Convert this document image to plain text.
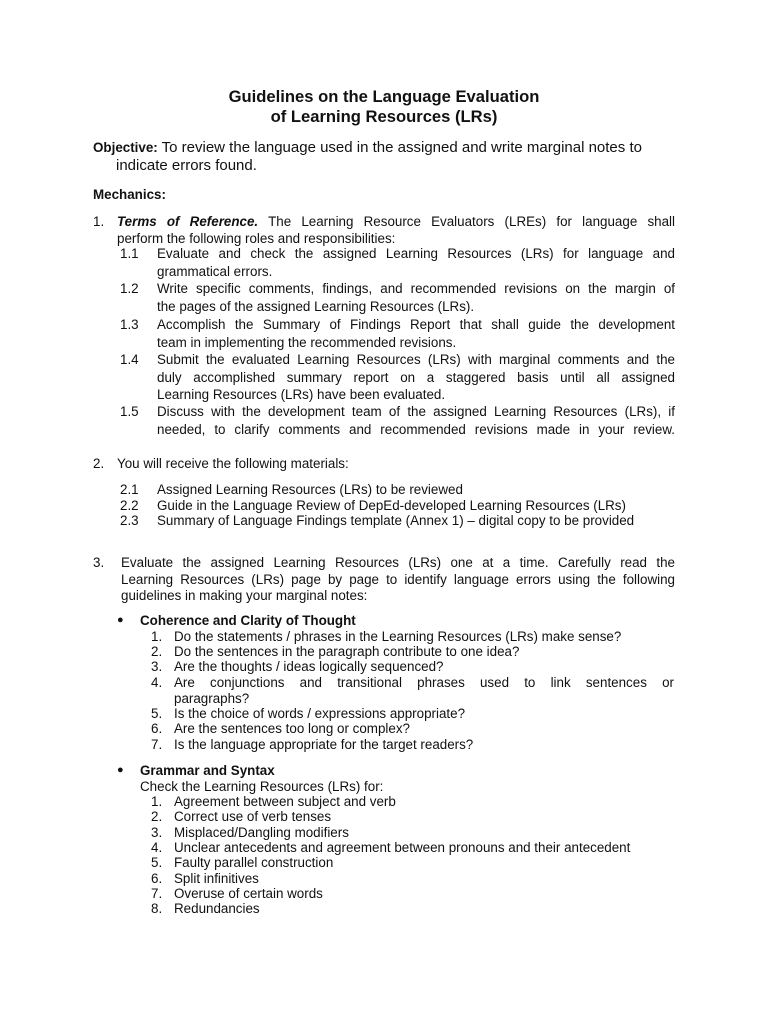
Guidelines on the Language Evaluation
of Learning Resources (LRs)
Objective: To review the language used in the assigned and write marginal notes to
indicate errors found.
Mechanics:
1. Terms of Reference. The Learning Resource Evaluators (LREs) for language shall
perform the following roles and responsibilities:
1.1 Evaluate and check the assigned Learning Resources (LRs) for language and
grammatical errors.
1.2 Write specific comments, findings, and recommended revisions on the margin of
the pages of the assigned Learning Resources (LRs).
1.3 Accomplish the Summary of Findings Report that shall guide the development
team in implementing the recommended revisions.
1.4 Submit the evaluated Learning Resources (LRs) with marginal comments and the
duly accomplished summary report on a staggered basis until all assigned
Learning Resources (LRs) have been evaluated.
1.5 Discuss with the development team of the assigned Learning Resources (LRs), if
needed, to clarify comments and recommended revisions made in your review.
2. You will receive the following materials:
2.1 Assigned Learning Resources (LRs) to be reviewed
2.2 Guide in the Language Review of DepEd-developed Learning Resources (LRs)
2.3 Summary of Language Findings template (Annex 1) – digital copy to be provided
3. Evaluate the assigned Learning Resources (LRs) one at a time. Carefully read the
Learning Resources (LRs) page by page to identify language errors using the following
guidelines in making your marginal notes:
● Coherence and Clarity of Thought
1. Do the statements / phrases in the Learning Resources (LRs) make sense?
2. Do the sentences in the paragraph contribute to one idea?
3. Are the thoughts / ideas logically sequenced?
4. Are conjunctions and transitional phrases used to link sentences or
paragraphs?
5. Is the choice of words / expressions appropriate?
6. Are the sentences too long or complex?
7. Is the language appropriate for the target readers?
● Grammar and Syntax
Check the Learning Resources (LRs) for:
1. Agreement between subject and verb
2. Correct use of verb tenses
3. Misplaced/Dangling modifiers
4. Unclear antecedents and agreement between pronouns and their antecedent
5. Faulty parallel construction
6. Split infinitives
7. Overuse of certain words
8. Redundancies
